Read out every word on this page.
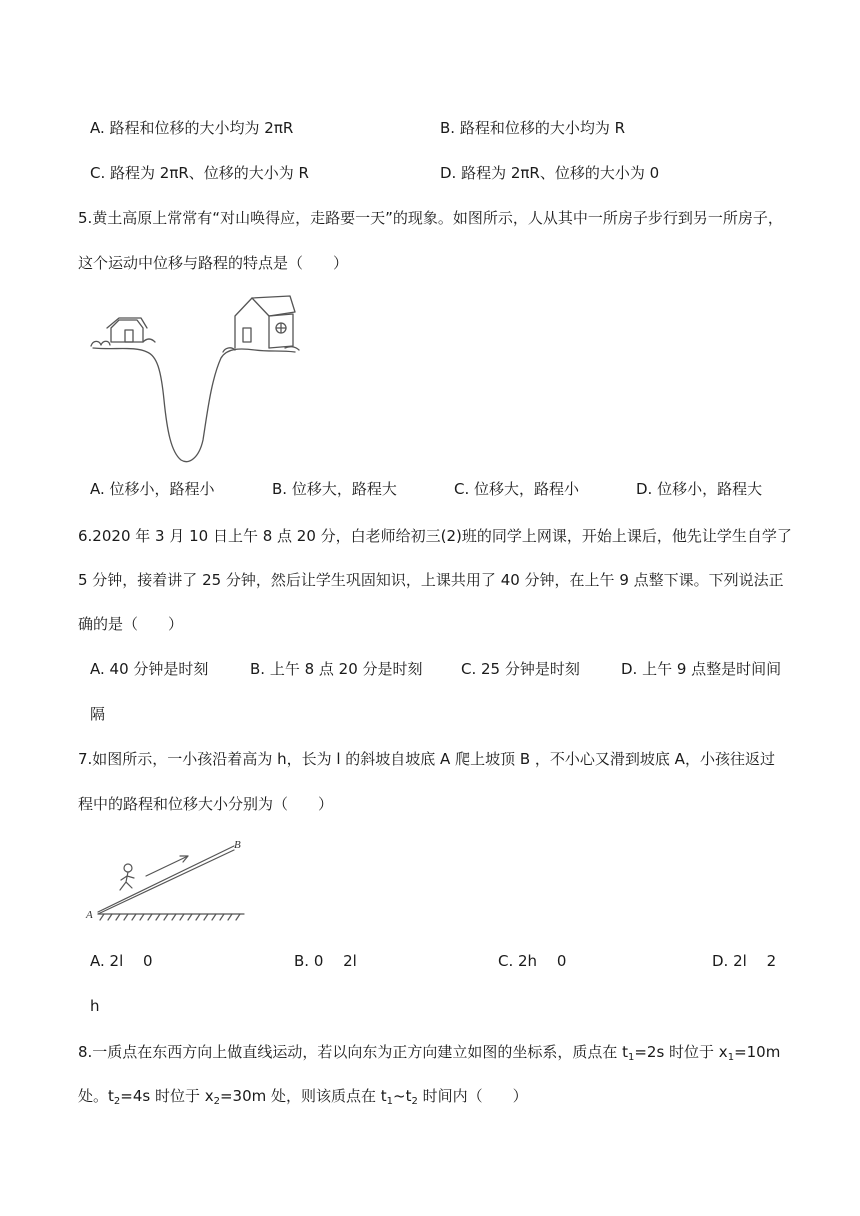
A. 路程和位移的大小均为 2πR	B. 路程和位移的大小均为 R
C. 路程为 2πR、位移的大小为 R	D. 路程为 2πR、位移的大小为 0
5.黄土高原上常常有“对山唤得应，走路要一天”的现象。如图所示，人从其中一所房子步行到另一所房子，
这个运动中位移与路程的特点是（　　）
A. 位移小，路程小	B. 位移大，路程大	C. 位移大，路程小	D. 位移小，路程大
6.2020 年 3 月 10 日上午 8 点 20 分，白老师给初三(2)班的同学上网课，开始上课后，他先让学生自学了
5 分钟，接着讲了 25 分钟，然后让学生巩固知识，上课共用了 40 分钟，在上午 9 点整下课。下列说法正
确的是（　　）
A. 40 分钟是时刻	B. 上午 8 点 20 分是时刻	C. 25 分钟是时刻	D. 上午 9 点整是时间间
隔
7.如图所示，一小孩沿着高为 h，长为 l 的斜坡自坡底 A 爬上坡顶 B ，不小心又滑到坡底 A，小孩往返过
程中的路程和位移大小分别为（　　）
A
B
A. 2l　 0	B. 0　 2l	C. 2h　 0	D. 2l　 2
h
8.一质点在东西方向上做直线运动，若以向东为正方向建立如图的坐标系，质点在 $t_1=2s$ 时位于 $x_1=10m$
处。$t_2=4s$ 时位于 $x_2=30m$ 处，则该质点在 $t_1\sim t_2$ 时间内（　　）
